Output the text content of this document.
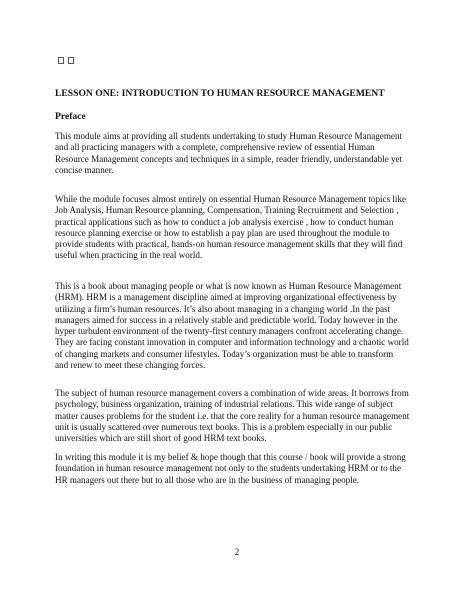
LESSON ONE: INTRODUCTION TO HUMAN RESOURCE MANAGEMENT
Preface
This module aims at providing all students undertaking to study Human Resource Management
and all practicing managers with a complete, comprehensive review of essential Human
Resource Management concepts and techniques in a simple, reader friendly, understandable yet
concise manner.
While the module focuses almost entirely on essential Human Resource Management topics like
Job Analysis, Human Resource planning, Compensation, Training Recruitment and Selection ,
practical applications such as how to conduct a job analysis exercise , how to conduct human
resource planning exercise or how to establish a pay plan are used throughout the module to
provide students with practical, hands-on human resource management skills that they will find
useful when practicing in the real world.
This is a book about managing people or what is now known as Human Resource Management
(HRM). HRM is a management discipline aimed at improving organizational effectiveness by
utilizing a firm’s human resources. It’s also about managing in a changing world .In the past
managers aimed for success in a relatively stable and predictable world. Today however in the
hyper turbulent environment of the twenty-first century managers confront accelerating change.
They are facing constant innovation in computer and information technology and a chaotic world
of changing markets and consumer lifestyles. Today’s organization must be able to transform
and renew to meet these changing forces.
The subject of human resource management covers a combination of wide areas. It borrows from
psychology, business organization, training of industrial relations. This wide range of subject
matter causes problems for the student i.e. that the core reality for a human resource management
unit is usually scattered over numerous text books. This is a problem especially in our public
universities which are still short of good HRM text books.
In writing this module it is my belief & hope though that this course / book will provide a strong
foundation in human resource management not only to the students undertaking HRM or to the
HR managers out there but to all those who are in the business of managing people.
2
